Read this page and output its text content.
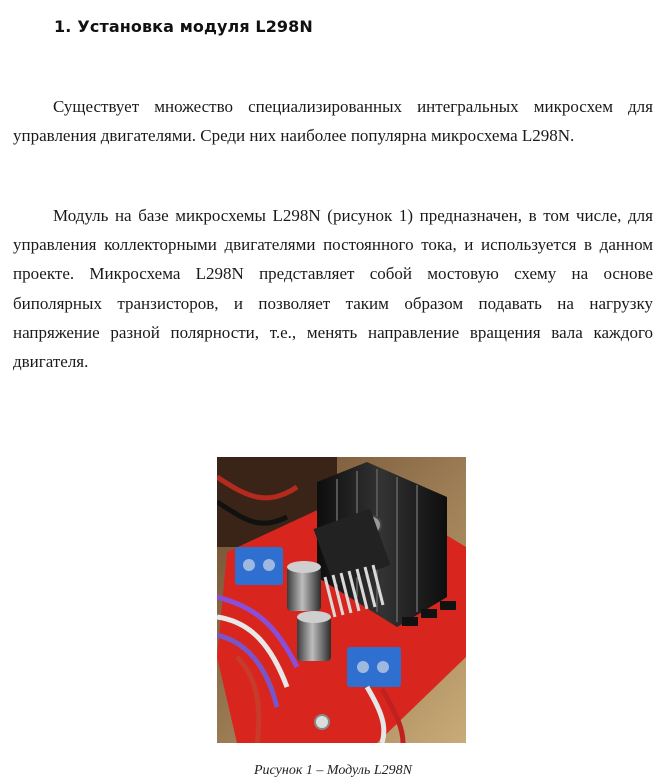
1. Установка модуля L298N

Существует множество специализированных интегральных микросхем для управления двигателями. Среди них наиболее популярна микросхема L298N.

Модуль на базе микросхемы L298N (рисунок 1) предназначен, в том числе, для управления коллекторными двигателями постоянного тока, и используется в данном проекте. Микросхема L298N представляет собой мостовую схему на основе биполярных транзисторов, и позволяет таким образом подавать на нагрузку напряжение разной полярности, т.е., менять направление вращения вала каждого двигателя.

Рисунок 1 – Модуль L298N
